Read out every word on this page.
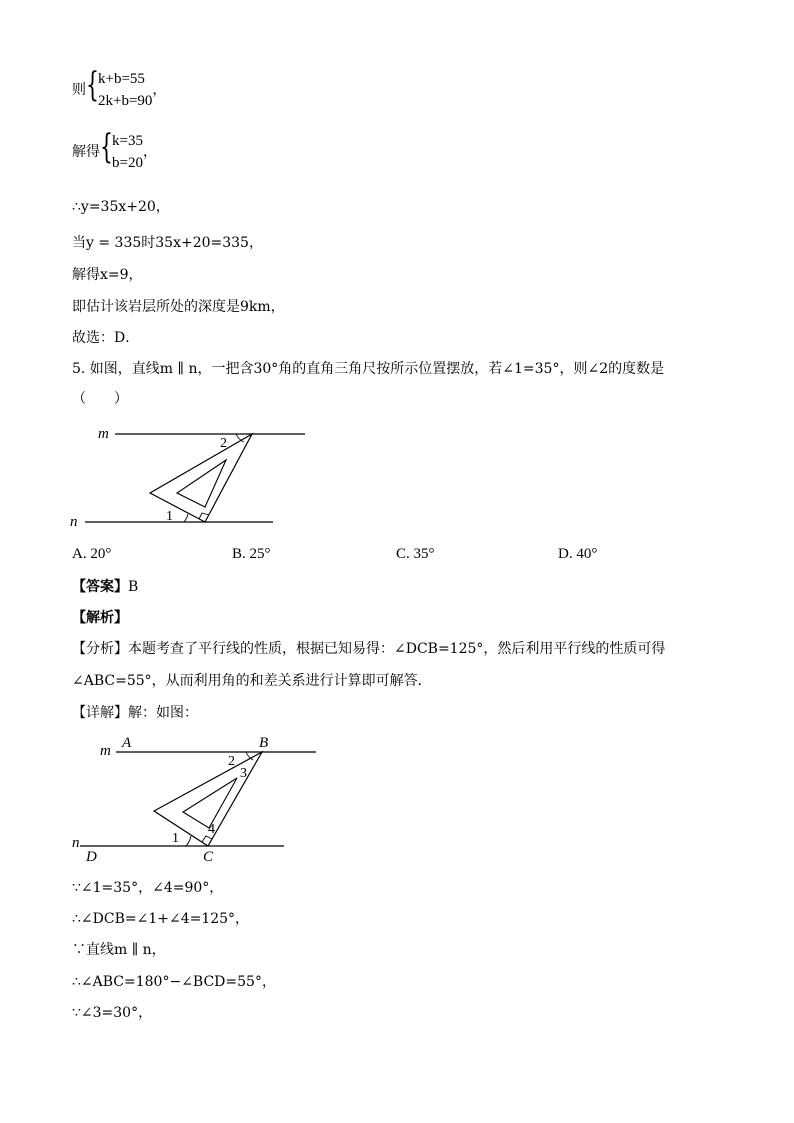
则 { k+b=55
2k+b=90
，
解得 { k=35
b=20
，
∴y=35x+20，
当y = 335时35x+20=335，
解得x=9，
即估计该岩层所处的深度是9km，
故选：D．
5. 如图，直线m ∥ n，一把含30°角的直角三角尺按所示位置摆放，若∠1=35°，则∠2的度数是
（　　）
m
n	1
2
A. 20°	B. 25°	C. 35°	D. 40°
【答案】B
【解析】
【分析】本题考查了平行线的性质，根据已知易得：∠DCB=125°，然后利用平行线的性质可得
∠ABC=55°，从而利用角的和差关系进行计算即可解答．
【详解】解：如图：
m A	B
n
D	C
1
2
3
4
∵∠1=35°，∠4=90°，
∴∠DCB=∠1+∠4=125°，
∵直线m ∥ n，
∴∠ABC=180°−∠BCD=55°，
∵∠3=30°，
